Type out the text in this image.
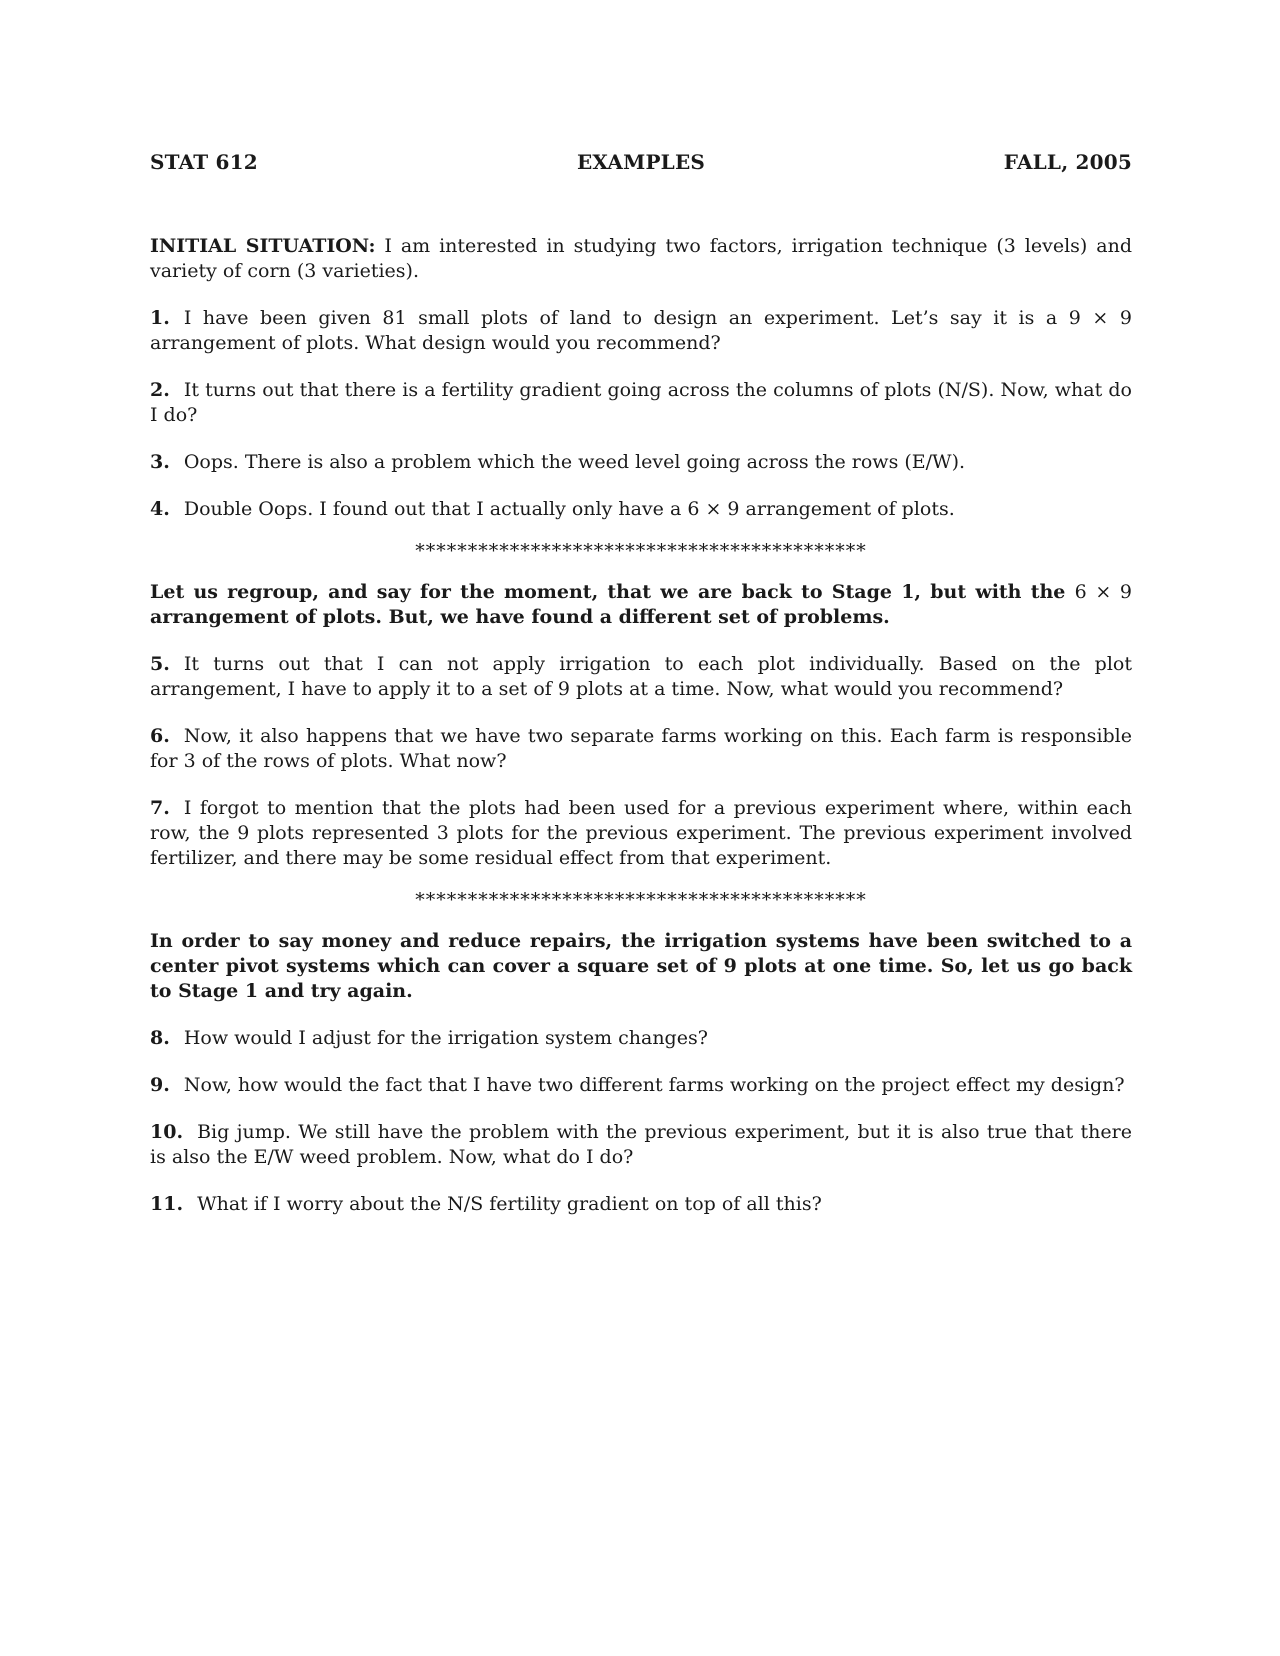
STAT 612	EXAMPLES	FALL, 2005
INITIAL SITUATION: I am interested in studying two factors, irrigation technique (3 levels) and variety of corn (3 varieties).
1. I have been given 81 small plots of land to design an experiment. Let’s say it is a 9 × 9 arrangement of plots. What design would you recommend?
2. It turns out that there is a fertility gradient going across the columns of plots (N/S). Now, what do I do?
3. Oops. There is also a problem which the weed level going across the rows (E/W).
4. Double Oops. I found out that I actually only have a 6 × 9 arrangement of plots.
*******************************************
Let us regroup, and say for the moment, that we are back to Stage 1, but with the 6 × 9 arrangement of plots. But, we have found a different set of problems.
5. It turns out that I can not apply irrigation to each plot individually. Based on the plot arrangement, I have to apply it to a set of 9 plots at a time. Now, what would you recommend?
6. Now, it also happens that we have two separate farms working on this. Each farm is responsible for 3 of the rows of plots. What now?
7. I forgot to mention that the plots had been used for a previous experiment where, within each row, the 9 plots represented 3 plots for the previous experiment. The previous experiment involved fertilizer, and there may be some residual effect from that experiment.
*******************************************
In order to say money and reduce repairs, the irrigation systems have been switched to a center pivot systems which can cover a square set of 9 plots at one time. So, let us go back to Stage 1 and try again.
8. How would I adjust for the irrigation system changes?
9. Now, how would the fact that I have two different farms working on the project effect my design?
10. Big jump. We still have the problem with the previous experiment, but it is also true that there is also the E/W weed problem. Now, what do I do?
11. What if I worry about the N/S fertility gradient on top of all this?
